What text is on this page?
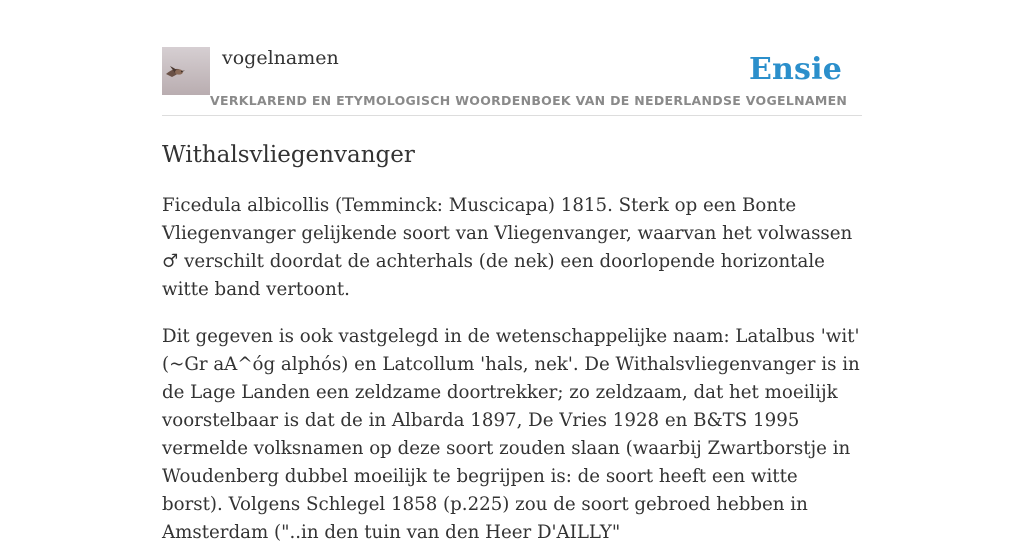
vogelnamen	Ensie
VERKLAREND EN ETYMOLOGISCH WOORDENBOEK VAN DE NEDERLANDSE VOGELNAMEN
Withalsvliegenvanger

Ficedula albicollis (Temminck: Muscicapa) 1815. Sterk op een Bonte Vliegenvanger gelijkende soort van Vliegenvanger, waarvan het volwassen ♂ verschilt doordat de achterhals (de nek) een doorlopende horizontale witte band vertoont.

Dit gegeven is ook vastgelegd in de wetenschappelijke naam: Latalbus 'wit' (~Gr aA^óg alphós) en Latcollum 'hals, nek'. De Withalsvliegenvanger is in de Lage Landen een zeldzame doortrekker; zo zeldzaam, dat het moeilijk voorstelbaar is dat de in Albarda 1897, De Vries 1928 en B&TS 1995 vermelde volksnamen op deze soort zouden slaan (waarbij Zwartborstje in Woudenberg dubbel moeilijk te begrijpen is: de soort heeft een witte borst). Volgens Schlegel 1858 (p.225) zou de soort gebroed hebben in Amsterdam ("..in den tuin van den Heer D'AILLY"
